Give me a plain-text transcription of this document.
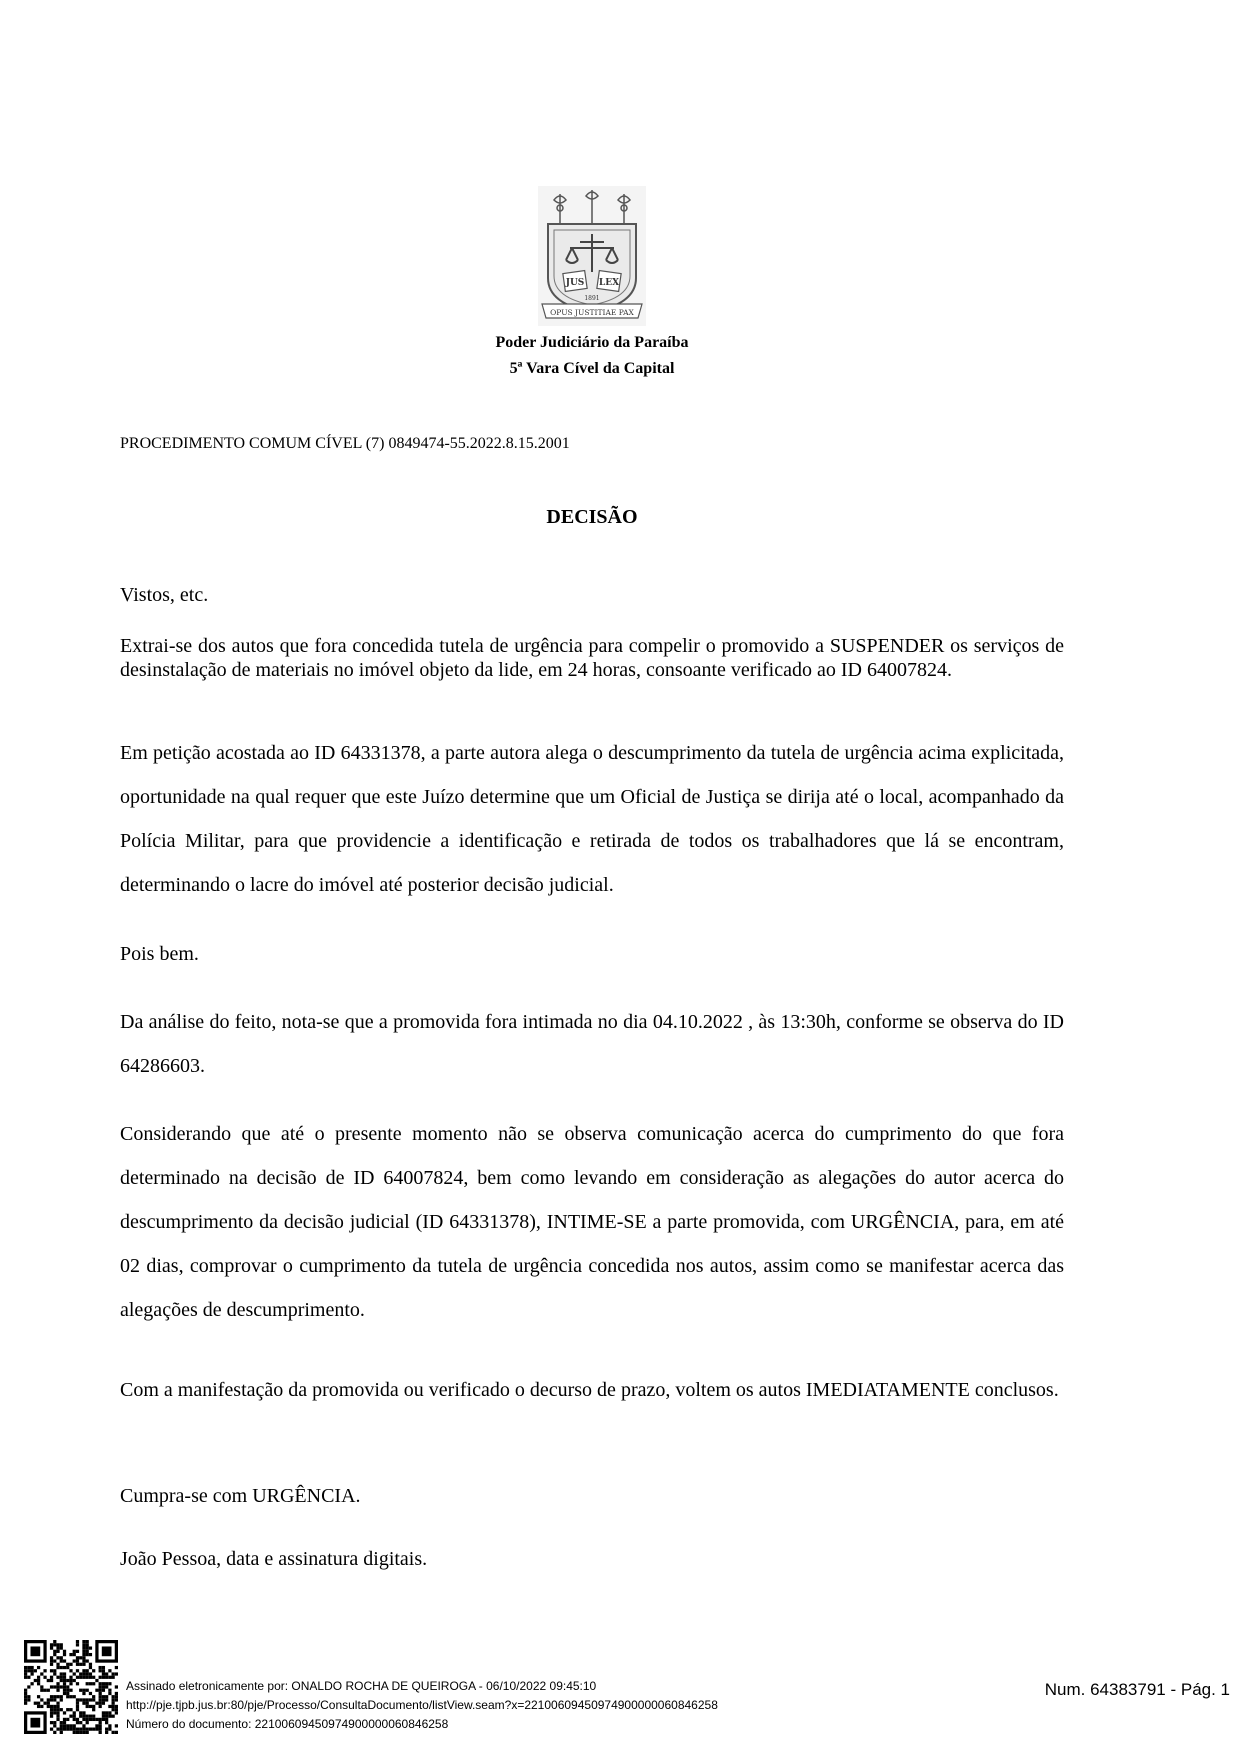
JUS LEX
1891
OPUS JUSTITIAE PAX
Poder Judiciário da Paraíba
5ª Vara Cível da Capital
PROCEDIMENTO COMUM CÍVEL (7) 0849474-55.2022.8.15.2001
DECISÃO

Vistos, etc.

Extrai-se dos autos que fora concedida tutela de urgência para compelir o promovido a SUSPENDER os serviços de desinstalação de materiais no imóvel objeto da lide, em 24 horas, consoante verificado ao ID 64007824.

Em petição acostada ao ID 64331378, a parte autora alega o descumprimento da tutela de urgência acima explicitada, oportunidade na qual requer que este Juízo determine que um Oficial de Justiça se dirija até o local, acompanhado da Polícia Militar, para que providencie a identificação e retirada de todos os trabalhadores que lá se encontram, determinando o lacre do imóvel até posterior decisão judicial.

Pois bem.

Da análise do feito, nota-se que a promovida fora intimada no dia 04.10.2022 , às 13:30h, conforme se observa do ID 64286603.

Considerando que até o presente momento não se observa comunicação acerca do cumprimento do que fora determinado na decisão de ID 64007824, bem como levando em consideração as alegações do autor acerca do descumprimento da decisão judicial (ID 64331378), INTIME-SE a parte promovida, com URGÊNCIA, para, em até 02 dias, comprovar o cumprimento da tutela de urgência concedida nos autos, assim como se manifestar acerca das alegações de descumprimento.

Com a manifestação da promovida ou verificado o decurso de prazo, voltem os autos IMEDIATAMENTE conclusos.

Cumpra-se com URGÊNCIA.

João Pessoa, data e assinatura digitais.

Assinado eletronicamente por: ONALDO ROCHA DE QUEIROGA - 06/10/2022 09:45:10
http://pje.tjpb.jus.br:80/pje/Processo/ConsultaDocumento/listView.seam?x=22100609450974900000060846258
Número do documento: 22100609450974900000060846258
Num. 64383791 - Pág. 1
